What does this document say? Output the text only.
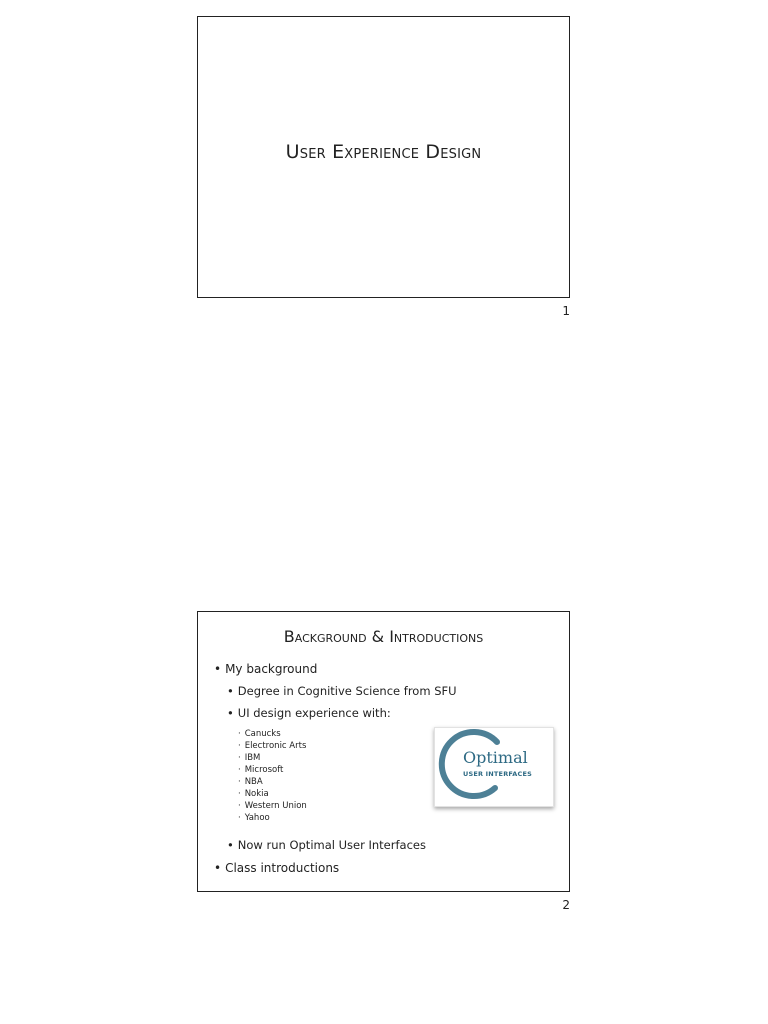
User Experience Design
1
Background & Introductions
• My background
• Degree in Cognitive Science from SFU
• UI design experience with:
· Canucks
· Electronic Arts
· IBM
· Microsoft
· NBA
· Nokia
· Western Union
· Yahoo
• Now run Optimal User Interfaces
• Class introductions
Optimal
USER INTERFACES
2
